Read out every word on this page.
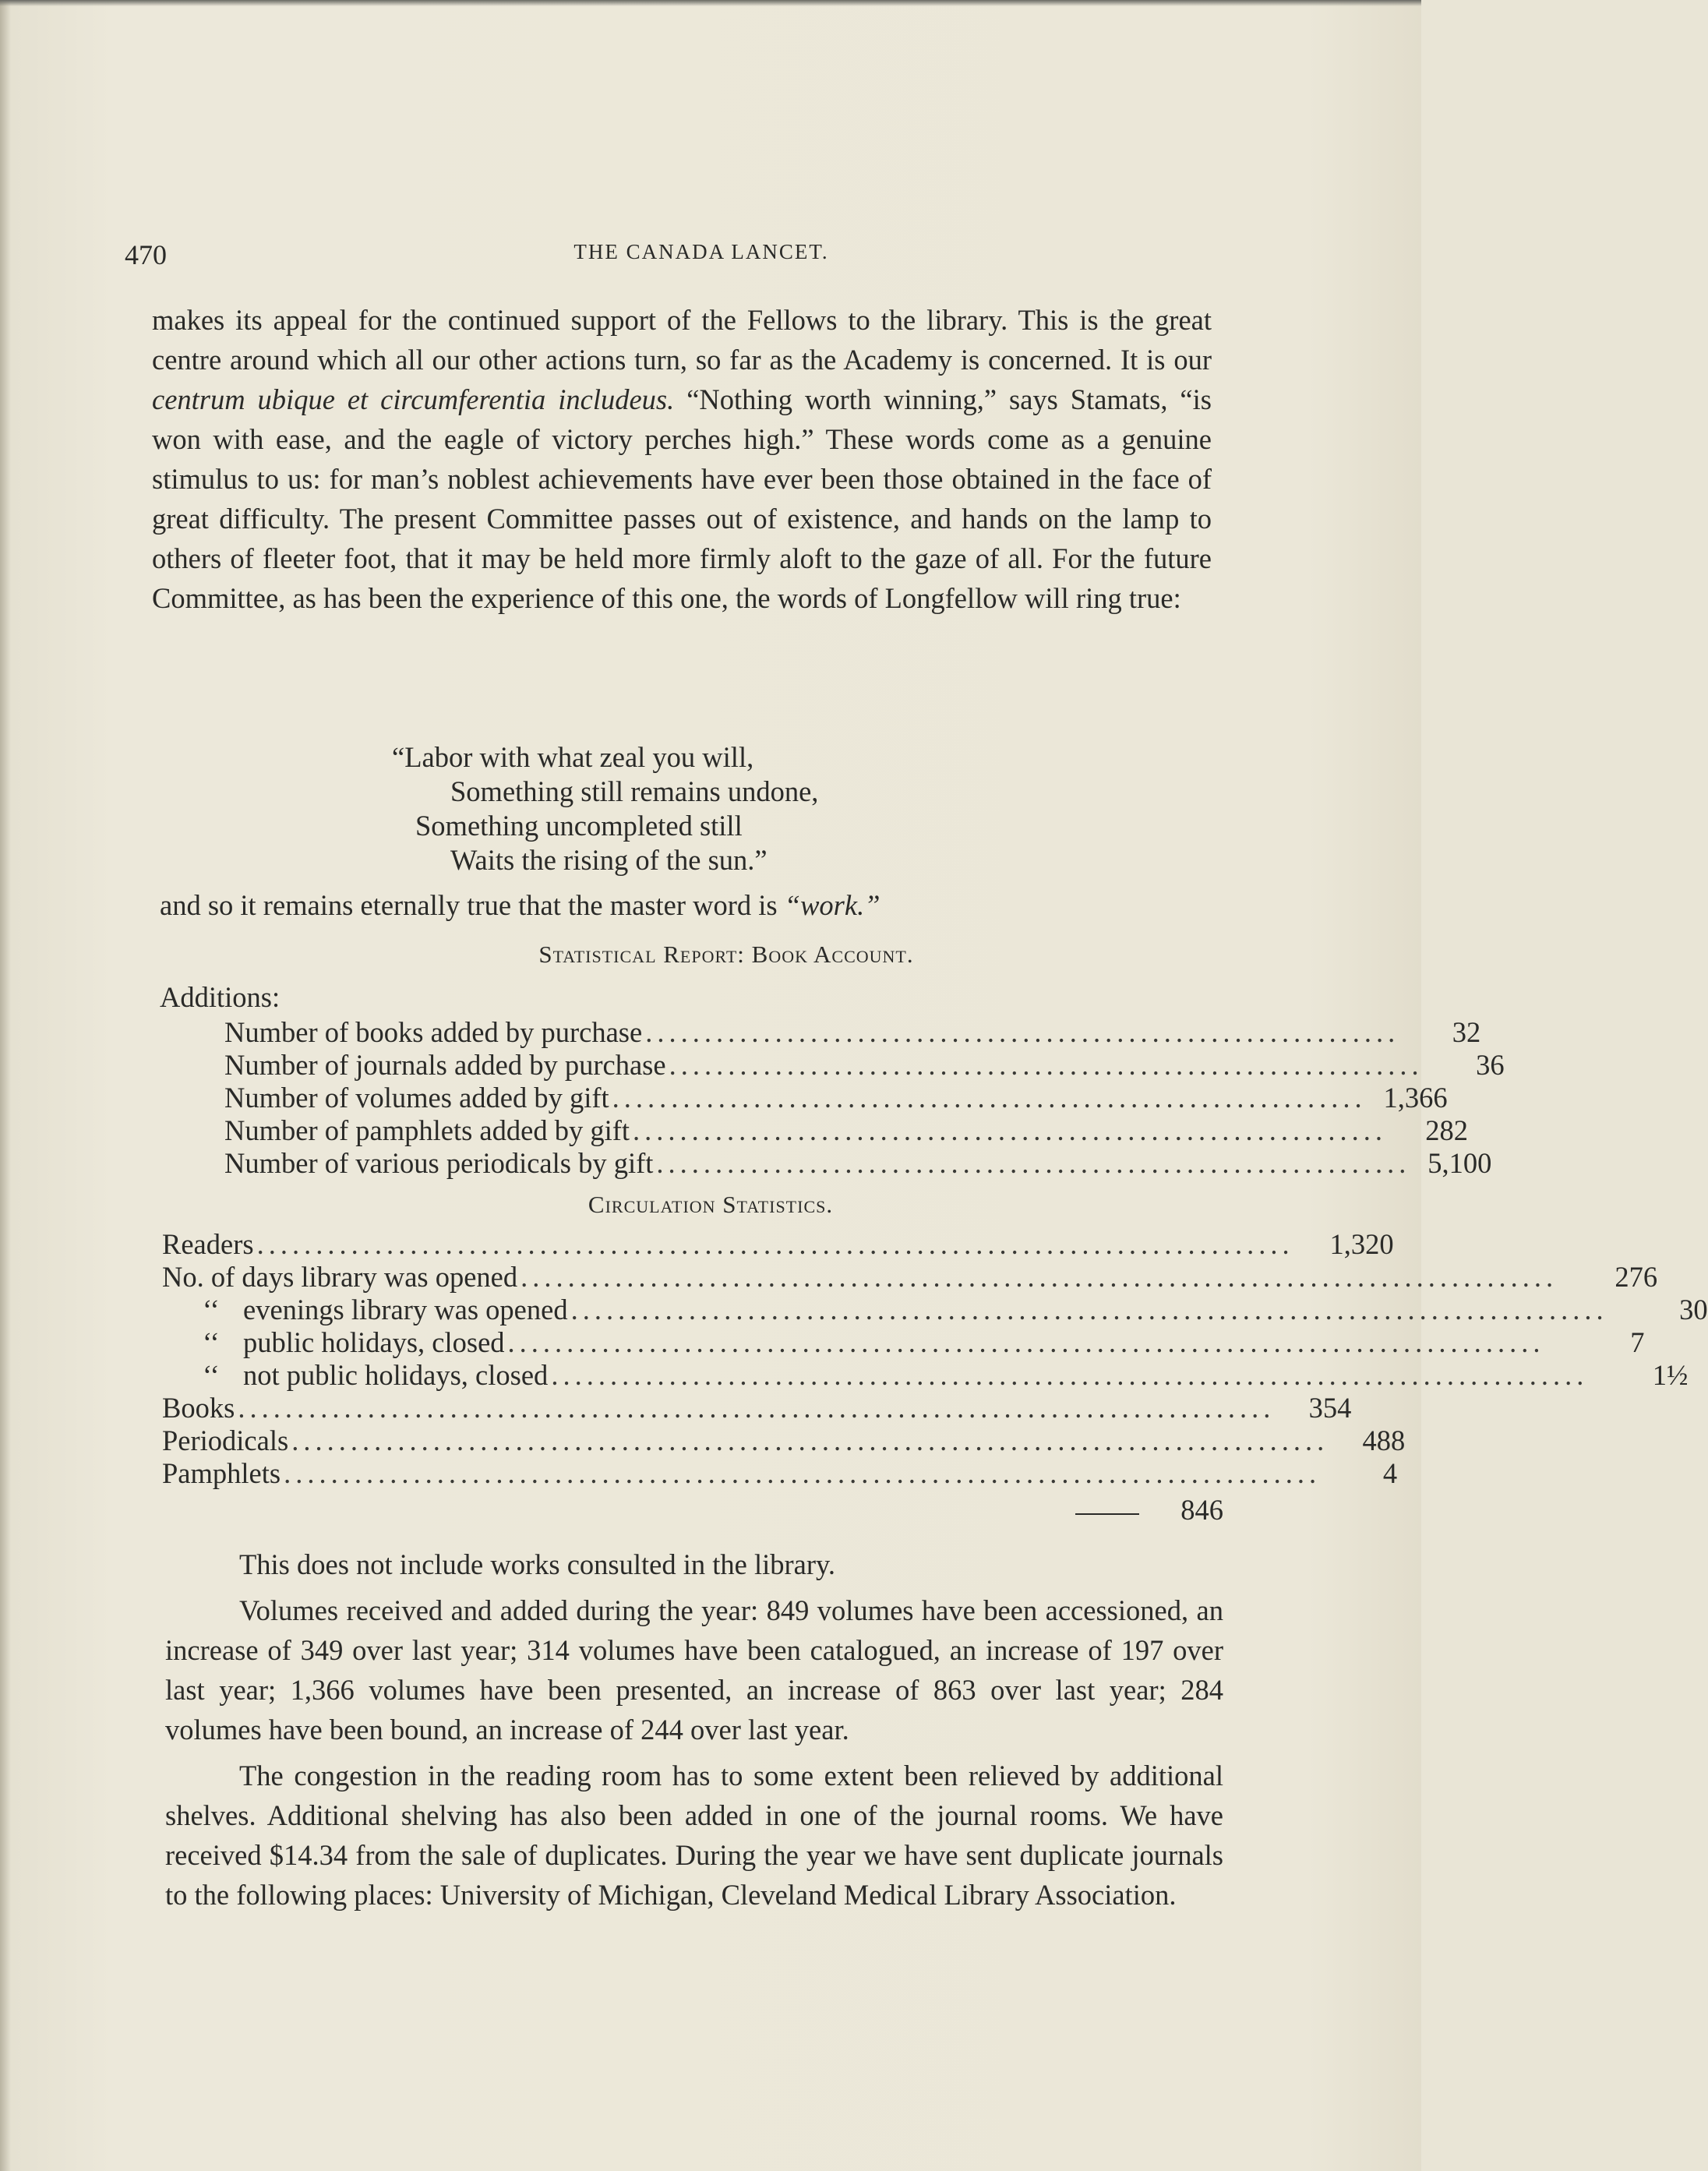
470	THE CANADA LANCET.

makes its appeal for the continued support of the Fellows to the library. This is the great centre around which all our other actions turn, so far as the Academy is concerned. It is our centrum ubique et circumferentia includeus. “Nothing worth winning,” says Stamats, “is won with ease, and the eagle of victory perches high.” These words come as a genuine stimulus to us: for man’s noblest achievements have ever been those obtained in the face of great difficulty. The present Committee passes out of existence, and hands on the lamp to others of fleeter foot, that it may be held more firmly aloft to the gaze of all. For the future Committee, as has been the experience of this one, the words of Longfellow will ring true:

“Labor with what zeal you will,
Something still remains undone,
Something uncompleted still
Waits the rising of the sun.”
and so it remains eternally true that the master word is “work.”
Statistical Report: Book Account.
Additions:
Number of books added by purchase ................................................................	32
Number of journals added by purchase ................................................................	36
Number of volumes added by gift ................................................................ 1,366
Number of pamphlets added by gift ................................................................	282
Number of various periodicals by gift ................................................................ 5,100
Circulation Statistics.
Readers ........................................................................................	1,320
No. of days library was opened ........................................................................................	276
‘‘ evenings library was opened ........................................................................................	30
‘‘ public holidays, closed ........................................................................................	7
‘‘ not public holidays, closed ........................................................................................	1½
Books ........................................................................................	354
Periodicals ........................................................................................	488
Pamphlets ........................................................................................	4
846

This does not include works consulted in the library.

Volumes received and added during the year: 849 volumes have been accessioned, an increase of 349 over last year; 314 volumes have been catalogued, an increase of 197 over last year; 1,366 volumes have been presented, an increase of 863 over last year; 284 volumes have been bound, an increase of 244 over last year.

The congestion in the reading room has to some extent been relieved by additional shelves. Additional shelving has also been added in one of the journal rooms. We have received $14.34 from the sale of duplicates. During the year we have sent duplicate journals to the following places: University of Michigan, Cleveland Medical Library Association.
